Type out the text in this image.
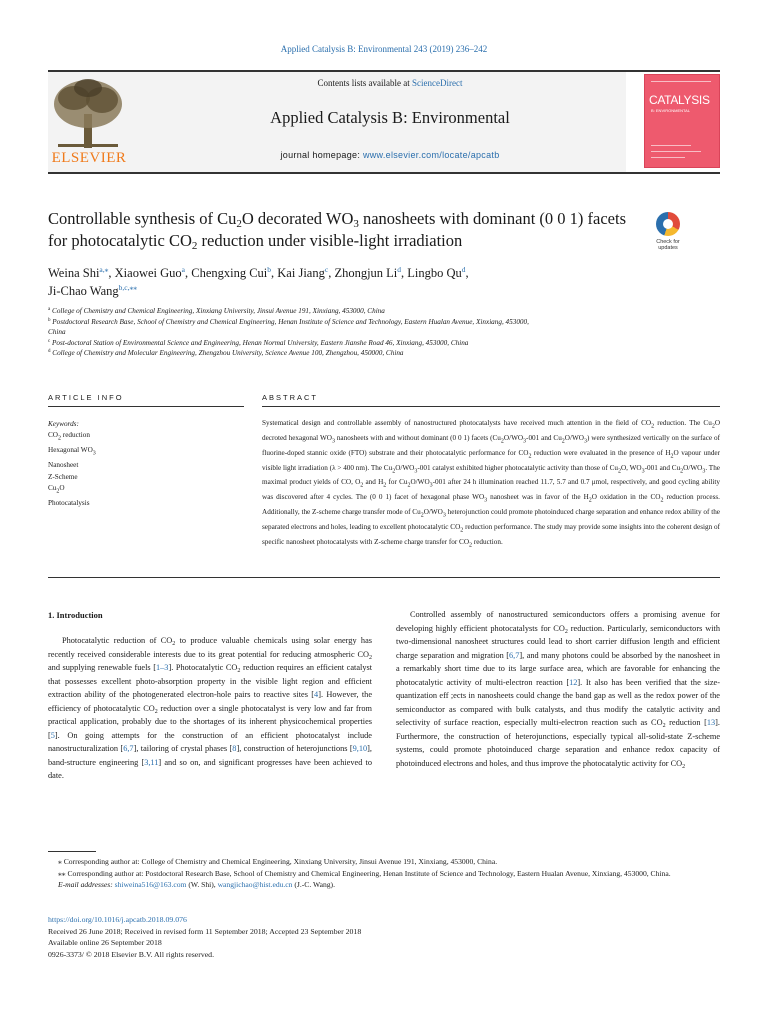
Applied Catalysis B: Environmental 243 (2019) 236–242
ELSEVIER
Contents lists available at ScienceDirect
Applied Catalysis B: Environmental
journal homepage: www.elsevier.com/locate/apcatb
CATALYSIS
B: ENVIRONMENTAL
Controllable synthesis of $Cu_2O$ decorated $WO_3$ nanosheets with dominant (0 0 1) facets for photocatalytic $CO_2$ reduction under visible-light irradiation	Check for updates
Weina Shi$^{a,⁎}$, Xiaowei Guo$^a$, Chengxing Cui$^b$, Kai Jiang$^c$, Zhongjun Li$^d$, Lingbo Qu$^d$,
Ji-Chao Wang$^{b,c,⁎⁎}$
$^a$ College of Chemistry and Chemical Engineering, Xinxiang University, Jinsui Avenue 191, Xinxiang, 453000, China
$^b$ Postdoctoral Research Base, School of Chemistry and Chemical Engineering, Henan Institute of Science and Technology, Eastern Hualan Avenue, Xinxiang, 453000,
China
$^c$ Post-doctoral Station of Environmental Science and Engineering, Henan Normal University, Eastern Jianshe Road 46, Xinxiang, 453000, China
$^d$ College of Chemistry and Molecular Engineering, Zhengzhou University, Science Avenue 100, Zhengzhou, 450000, China
ARTICLE INFO	ABSTRACT
Keywords:
$CO_2$ reduction
Hexagonal $WO_3$
Nanosheet
Z-Scheme
$Cu_2O$
Photocatalysis
Systematical design and controllable assembly of nanostructured photocatalysts have received much attention in the field of $CO_2$ reduction. The $Cu_2O$ decroted hexagonal $WO_3$ nanosheets with and without dominant (0 0 1) facets ($Cu_2O/WO_3-001$ and $Cu_2O/WO_3$) were synthesized vertically on the surface of fluorine-doped stannic oxide (FTO) substrate and their photocatalytic performance for $CO_2$ reduction were evaluated in the presence of $H_2O$ vapour under visible light irradiation (λ > 400 nm). The $Cu_2O/WO_3-001$ catalyst exhibited higher photocatalytic activity than those of $Cu_2O$, $WO_3-001$ and $Cu_2O/WO_3$. The maximal product yields of CO, $O_2$ and $H_2$ for $Cu_2O/WO_3-001$ after 24 h illumination reached 11.7, 5.7 and 0.7 μmol, respectively, and good cycling ability was discovered after 4 cycles. The (0 0 1) facet of hexagonal phase $WO_3$ nanosheet was in favor of the $H_2O$ oxidation in the $CO_2$ reduction process. Additionally, the Z-scheme charge transfer mode of $Cu_2O/WO_3$ heterojunction could promote photoinduced charge separation and enhance redox ability of the separated electrons and holes, leading to excellent photocatalytic $CO_2$ reduction performance. The study may provide some insights into the coherent design of specific nanosheet photocatalysts with Z-scheme charge transfer for $CO_2$ reduction.
1. Introduction

Photocatalytic reduction of $CO_2$ to produce valuable chemicals using solar energy has recently received considerable interests due to its great potential for reducing atmospheric $CO_2$ and supplying renewable fuels [1–3]. Photocatalytic $CO_2$ reduction requires an efficient catalyst that possesses excellent photo-absorption property in the visible light region and efficient extraction ability of the photogenerated electron-hole pairs to reactive sites [4]. However, the efficiency of photocatalytic $CO_2$ reduction over a single photocatalyst is very low and far from practical application, probably due to the shortages of its inherent physicochemical properties [5]. On going attempts for the construction of an efficient photocatalyst include nanostructuralization [6,7], tailoring of crystal phases [8], construction of heterojunctions [9,10], band-structure engineering [3,11] and so on, and significant progresses have been achieved to date.

Controlled assembly of nanostructured semiconductors offers a promising avenue for developing highly efficient photocatalysts for $CO_2$ reduction. Particularly, semiconductors with two-dimensional nanosheet structures could lead to short carrier diffusion length and efficient charge separation and migration [6,7], and many photons could be absorbed by the nanosheet in a remarkably short time due to its large surface area, which are favorable for enhancing the photocatalytic activity of multi-electron reaction [12]. It also has been verified that the size-quantization eff ;ects in nanosheets could change the band gap as well as the redox power of the semiconductor as compared with bulk catalysts, and thus modify the catalytic activity and selectivity of surface reaction, especially multi-electron reaction such as $CO_2$ reduction [13]. Furthermore, the construction of heterojunctions, especially typical all-solid-state Z-scheme systems, could promote photoinduced charge separation and enhance redox capacity of photoinduced electrons and holes, and thus improve the photocatalytic activity for $CO_2$

⁎ Corresponding author at: College of Chemistry and Chemical Engineering, Xinxiang University, Jinsui Avenue 191, Xinxiang, 453000, China.
⁎⁎ Corresponding author at: Postdoctoral Research Base, School of Chemistry and Chemical Engineering, Henan Institute of Science and Technology, Eastern Hualan Avenue, Xinxiang, 453000, China.
E-mail addresses: shiweina516@163.com (W. Shi), wangjichao@hist.edu.cn (J.-C. Wang).
https://doi.org/10.1016/j.apcatb.2018.09.076
Received 26 June 2018; Received in revised form 11 September 2018; Accepted 23 September 2018
Available online 26 September 2018
0926-3373/ © 2018 Elsevier B.V. All rights reserved.
